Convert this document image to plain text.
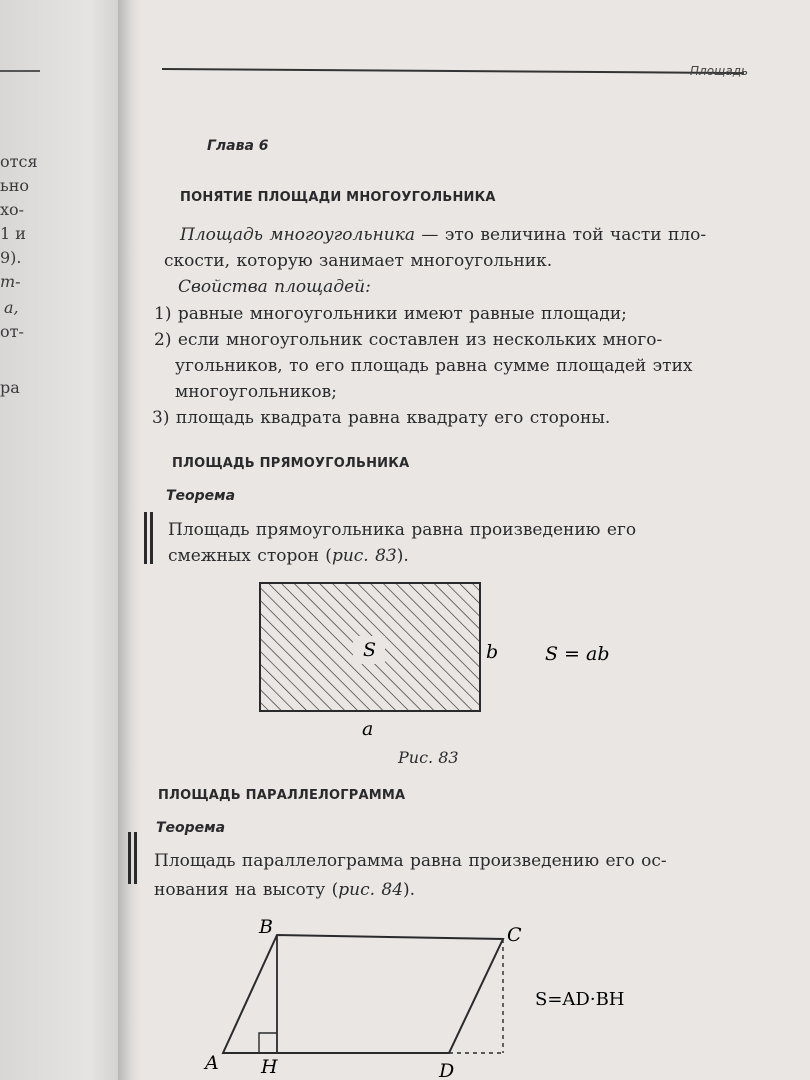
отся
ьно
хо-
1 и
9).
т-
a,
от-
ра
Площадь
Глава 6
ПОНЯТИЕ ПЛОЩАДИ МНОГОУГОЛЬНИКА
Площадь многоугольника — это величина той части пло-
скости, которую занимает многоугольник.
Свойства площадей:
1) равные многоугольники имеют равные площади;
2) если многоугольник составлен из нескольких много-
угольников, то его площадь равна сумме площадей этих
многоугольников;
3) площадь квадрата равна квадрату его стороны.
ПЛОЩАДЬ ПРЯМОУГОЛЬНИКА
Теорема
Площадь прямоугольника равна произведению его
смежных сторон (рис. 83).
S	b
a
S = ab
Рис. 83
ПЛОЩАДЬ ПАРАЛЛЕЛОГРАММА
Теорема
Площадь параллелограмма равна произведению его ос-
нования на высоту (рис. 84).
A
B	C
D
H
S=AD·BH
